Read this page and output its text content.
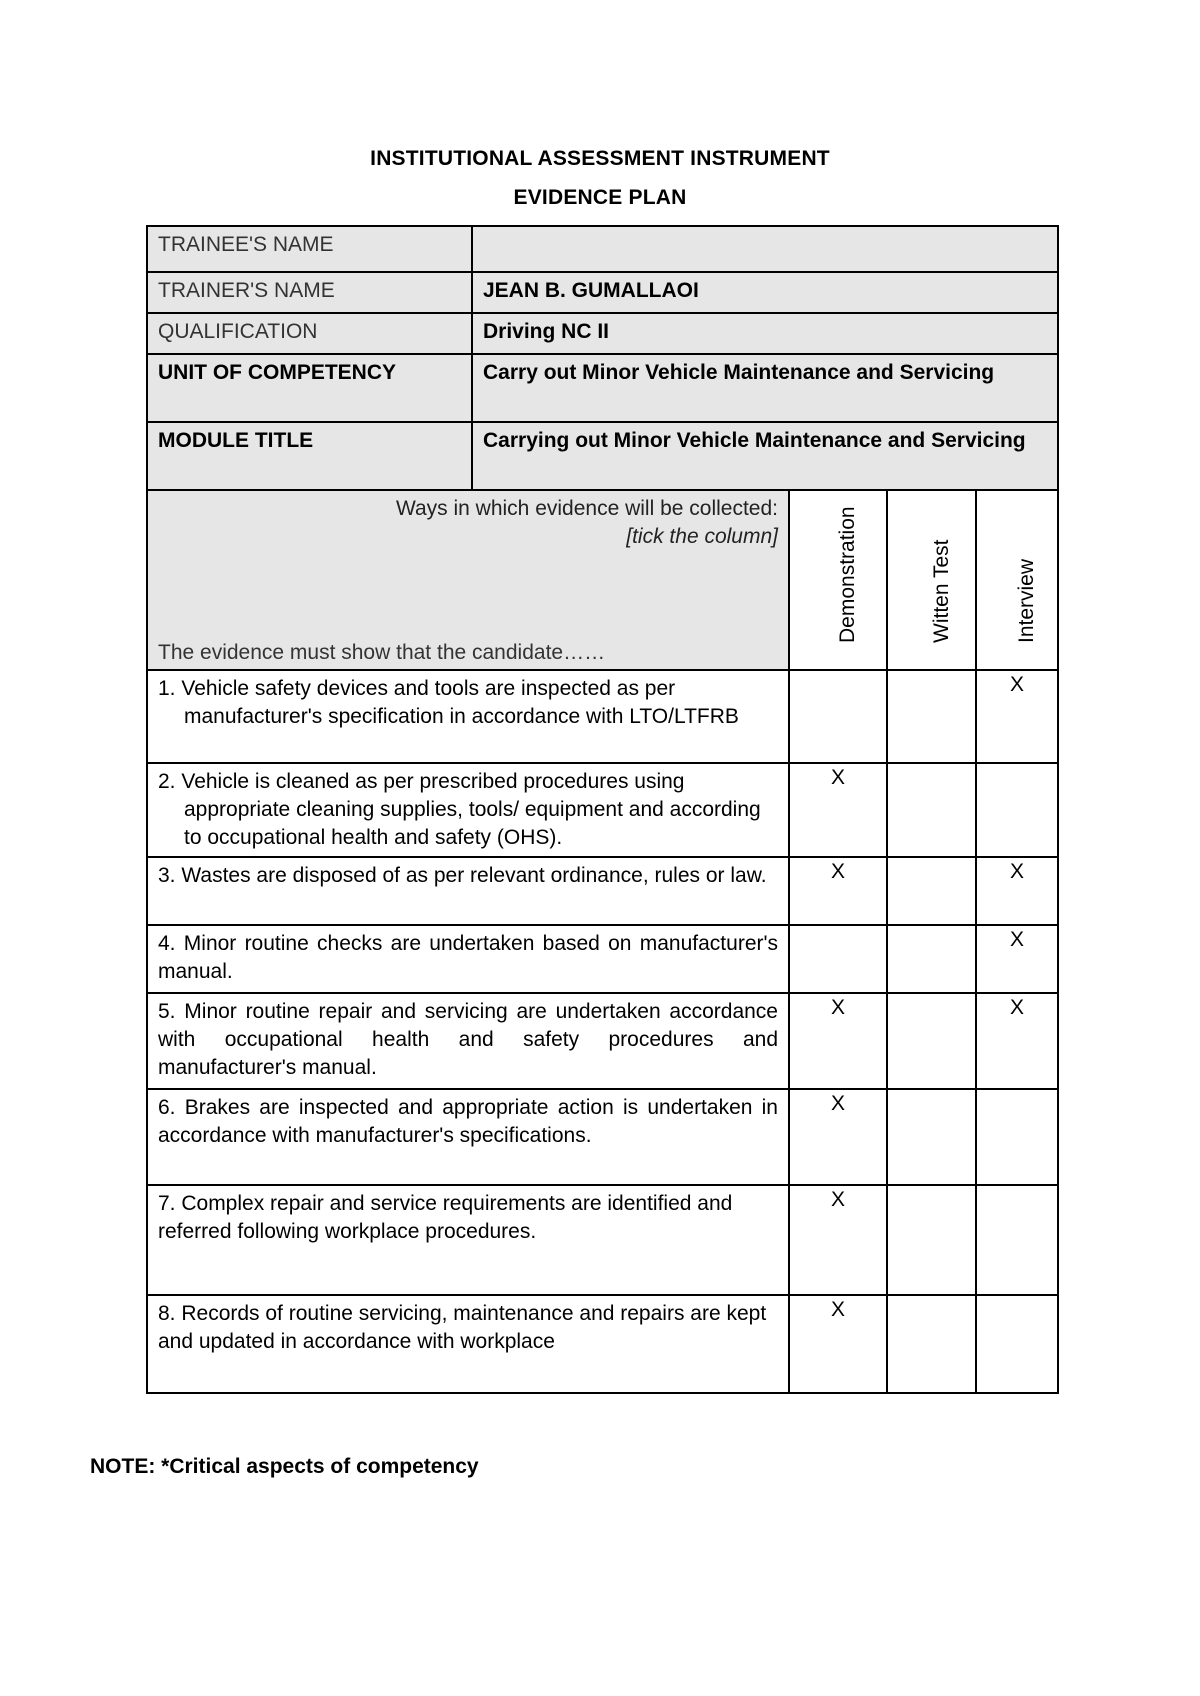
INSTITUTIONAL ASSESSMENT INSTRUMENT
EVIDENCE PLAN
TRAINEE'S NAME				
TRAINER'S NAME	JEAN B. GUMALLAOI			
QUALIFICATION	Driving NC II			
UNIT OF COMPETENCY	Carry out Minor Vehicle Maintenance and Servicing			
MODULE TITLE	Carrying out Minor Vehicle Maintenance and Servicing			

Ways in which evidence will be collected:
[tick the column]
The evidence must show that the candidate……		Demonstration	Witten Test	Interview

1. Vehicle safety devices and tools are inspected as per manufacturer's specification in accordance with LTO/LTFRB				X
2. Vehicle is cleaned as per prescribed procedures using appropriate cleaning supplies, tools/ equipment and according to occupational health and safety (OHS).		X		
3. Wastes are disposed of as per relevant ordinance, rules or law.		X		X
4. Minor routine checks are undertaken based on manufacturer's manual.				X
5. Minor routine repair and servicing are undertaken accordance with occupational health and safety procedures and manufacturer's manual.		X		X
6. Brakes are inspected and appropriate action is undertaken in accordance with manufacturer's specifications.		X		
7. Complex repair and service requirements are identified and referred following workplace procedures.		X		
8. Records of routine servicing, maintenance and repairs are kept and updated in accordance with workplace		X		
NOTE: *Critical aspects of competency
